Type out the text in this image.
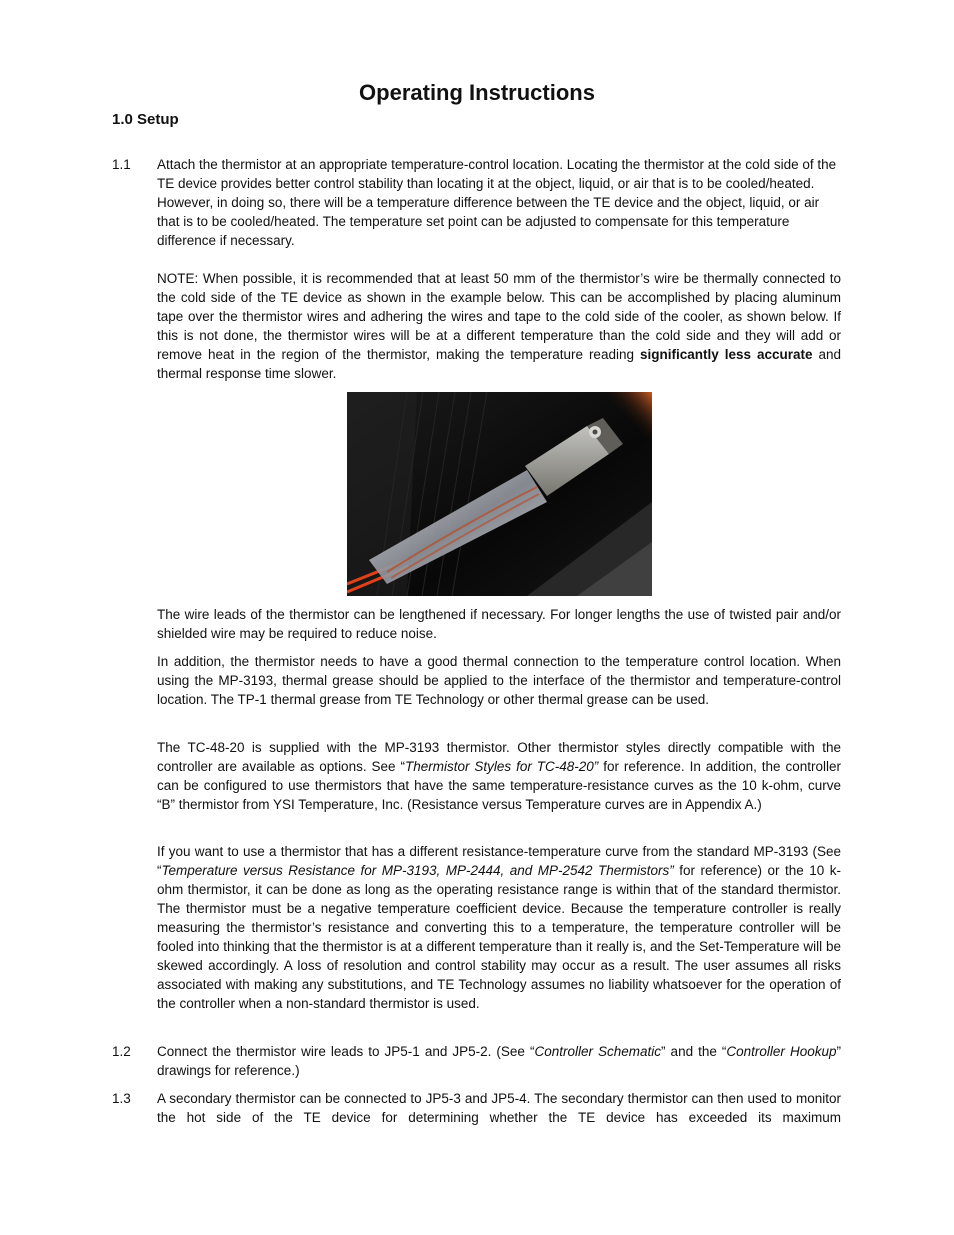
Operating Instructions
1.0 Setup
1.1 Attach the thermistor at an appropriate temperature-control location. Locating the thermistor at the cold side of the TE device provides better control stability than locating it at the object, liquid, or air that is to be cooled/heated. However, in doing so, there will be a temperature difference between the TE device and the object, liquid, or air that is to be cooled/heated. The temperature set point can be adjusted to compensate for this temperature difference if necessary.

NOTE: When possible, it is recommended that at least 50 mm of the thermistor’s wire be thermally connected to the cold side of the TE device as shown in the example below. This can be accomplished by placing aluminum tape over the thermistor wires and adhering the wires and tape to the cold side of the cooler, as shown below. If this is not done, the thermistor wires will be at a different temperature than the cold side and they will add or remove heat in the region of the thermistor, making the temperature reading significantly less accurate and thermal response time slower.

The wire leads of the thermistor can be lengthened if necessary. For longer lengths the use of twisted pair and/or shielded wire may be required to reduce noise.

In addition, the thermistor needs to have a good thermal connection to the temperature control location. When using the MP-3193, thermal grease should be applied to the interface of the thermistor and temperature-control location. The TP-1 thermal grease from TE Technology or other thermal grease can be used.

The TC-48-20 is supplied with the MP-3193 thermistor. Other thermistor styles directly compatible with the controller are available as options. See “Thermistor Styles for TC-48-20” for reference. In addition, the controller can be configured to use thermistors that have the same temperature-resistance curves as the 10 k-ohm, curve “B” thermistor from YSI Temperature, Inc. (Resistance versus Temperature curves are in Appendix A.)

If you want to use a thermistor that has a different resistance-temperature curve from the standard MP-3193 (See “Temperature versus Resistance for MP-3193, MP-2444, and MP-2542 Thermistors” for reference) or the 10 k-ohm thermistor, it can be done as long as the operating resistance range is within that of the standard thermistor. The thermistor must be a negative temperature coefficient device. Because the temperature controller is really measuring the thermistor’s resistance and converting this to a temperature, the temperature controller will be fooled into thinking that the thermistor is at a different temperature than it really is, and the Set-Temperature will be skewed accordingly. A loss of resolution and control stability may occur as a result. The user assumes all risks associated with making any substitutions, and TE Technology assumes no liability whatsoever for the operation of the controller when a non-standard thermistor is used.

1.2 Connect the thermistor wire leads to JP5-1 and JP5-2. (See “Controller Schematic” and the “Controller Hookup” drawings for reference.)

1.3 A secondary thermistor can be connected to JP5-3 and JP5-4. The secondary thermistor can then used to monitor the hot side of the TE device for determining whether the TE device has exceeded its maximum
